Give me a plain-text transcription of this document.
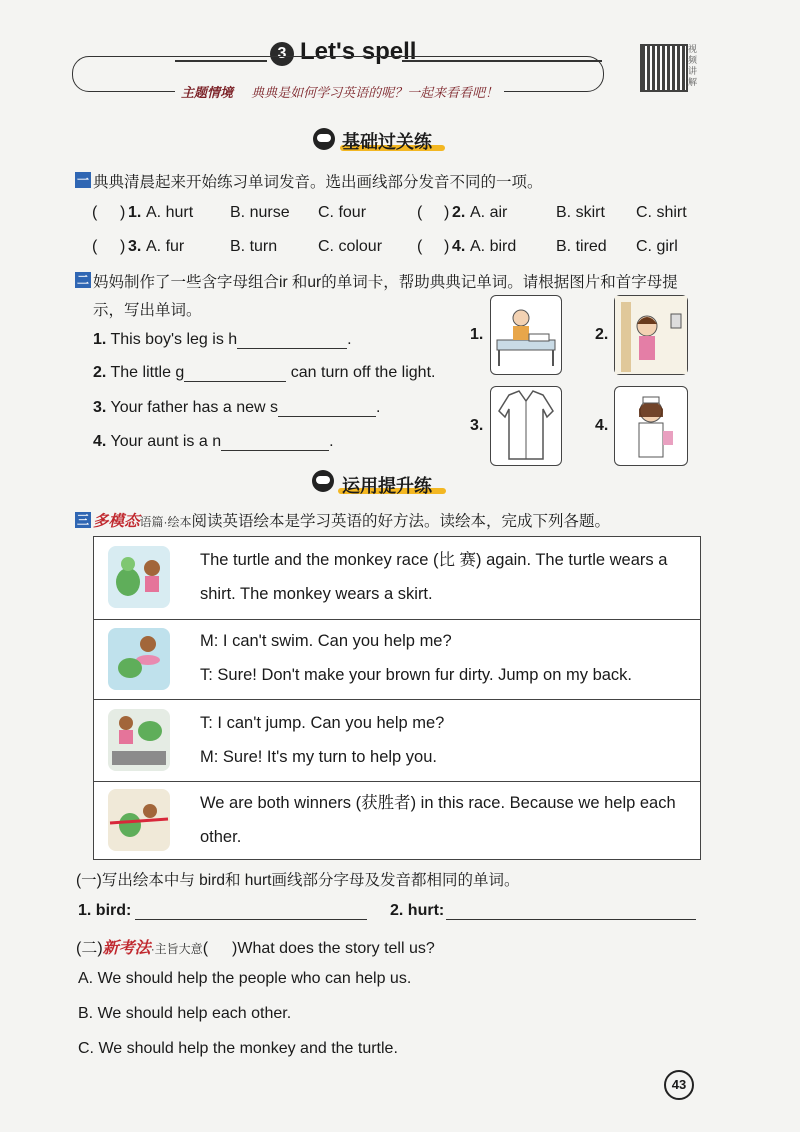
3 Let's spell
主题情境 典典是如何学习英语的呢？一起来看看吧！
视频讲解
基础过关练
一 典典清晨起来开始练习单词发音。选出画线部分发音不同的一项。
( ) 1. A. hurt B. nurse C. four	( ) 2. A. air	B. skirt C. shirt
( ) 3. A. fur	B. turn	C. colour ( ) 4. A. bird B. tired C. girl
二 妈妈制作了一些含字母组合ir 和ur的单词卡，帮助典典记单词。请根据图片和首字母提
示，写出单词。
1. This boy's leg is h	.
2. The little g	can turn off the light.
3. Your father has a new s	.
4. Your aunt is a n	.
1.	2.
3.	4.
运用提升练
三 多模态语篇·绘本阅读英语绘本是学习英语的好方法。读绘本，完成下列各题。
The turtle and the monkey race (比 赛) again. The turtle wears a
shirt. The monkey wears a skirt.
M: I can't swim. Can you help me?
T: Sure! Don't make your brown fur dirty. Jump on my back.
T: I can't jump. Can you help me?
M: Sure! It's my turn to help you.
We are both winners (获胜者) in this race. Because we help each
other.
(一)写出绘本中与 bird和 hurt画线部分字母及发音都相同的单词。
1. bird:	2. hurt:
(二)新考法·主旨大意( )What does the story tell us?
A. We should help the people who can help us.
B. We should help each other.
C. We should help the monkey and the turtle.
43
